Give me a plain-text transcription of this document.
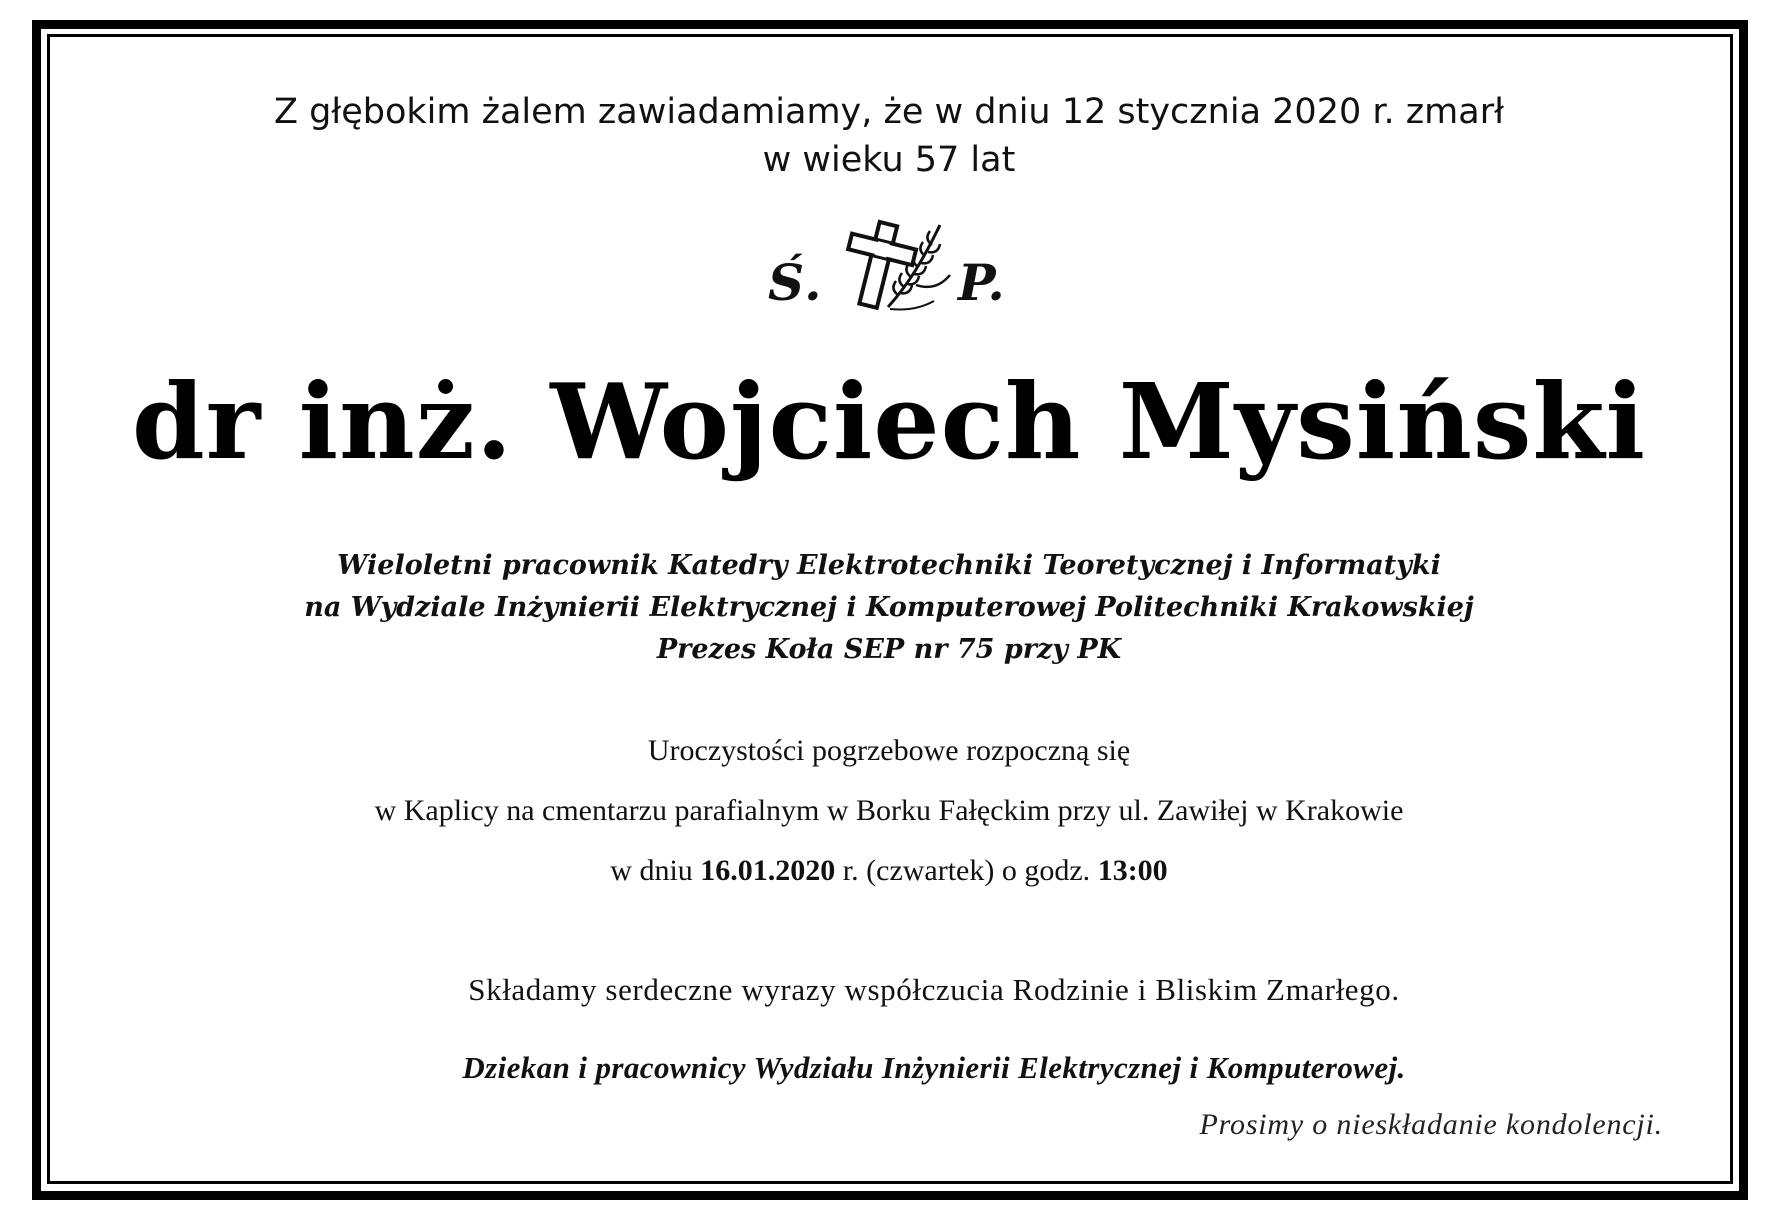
Z głębokim żalem zawiadamiamy, że w dniu 12 stycznia 2020 r. zmarł
w wieku 57 lat
Ś.	P.
dr inż. Wojciech Mysiński
Wieloletni pracownik Katedry Elektrotechniki Teoretycznej i Informatyki
na Wydziale Inżynierii Elektrycznej i Komputerowej Politechniki Krakowskiej
Prezes Koła SEP nr 75 przy PK
Uroczystości pogrzebowe rozpoczną się
w Kaplicy na cmentarzu parafialnym w Borku Fałęckim przy ul. Zawiłej w Krakowie
w dniu 16.01.2020 r. (czwartek) o godz. 13:00
Składamy serdeczne wyrazy współczucia Rodzinie i Bliskim Zmarłego.
Dziekan i pracownicy Wydziału Inżynierii Elektrycznej i Komputerowej.
Prosimy o nieskładanie kondolencji.
